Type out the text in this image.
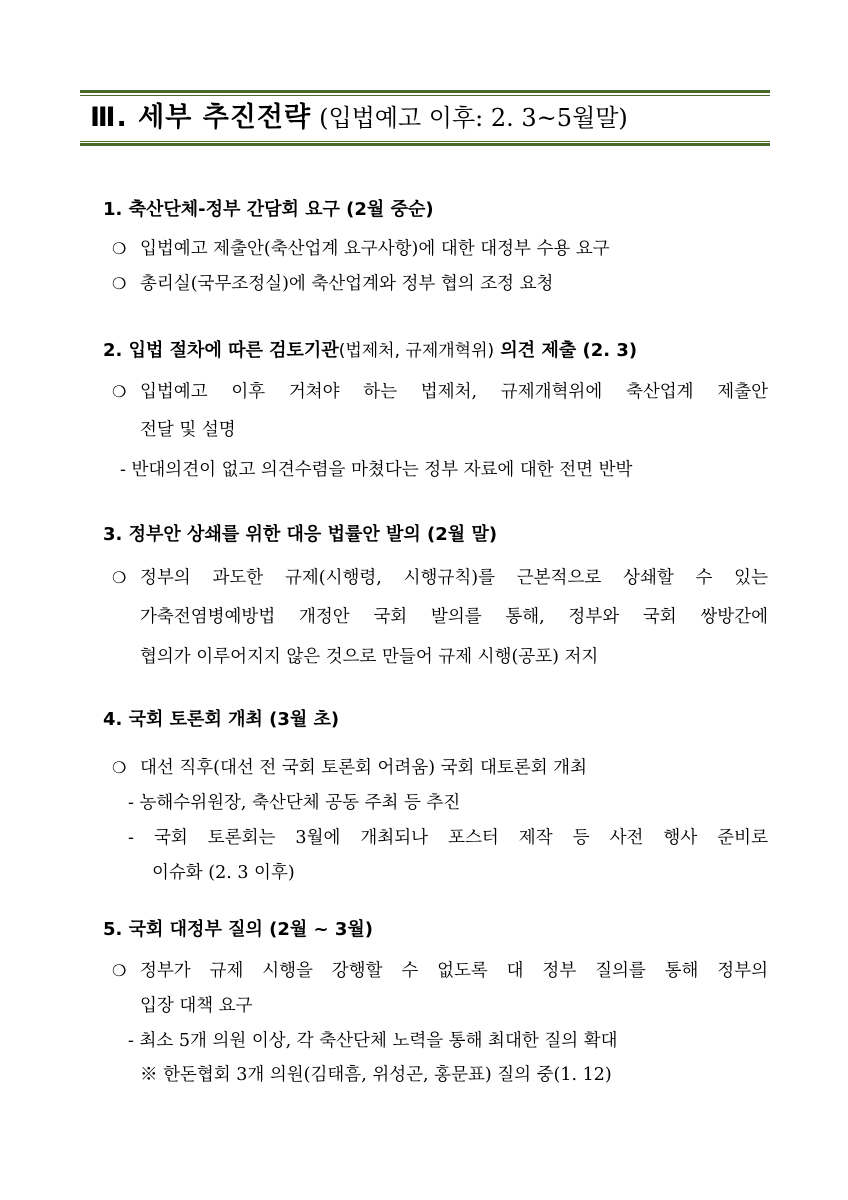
Ⅲ. 세부 추진전략 (입법예고 이후: 2. 3~5월말)
1. 축산단체-정부 간담회 요구 (2월 중순)
❍ 입법예고 제출안(축산업계 요구사항)에 대한 대정부 수용 요구
❍ 총리실(국무조정실)에 축산업계와 정부 협의 조정 요청
2. 입법 절차에 따른 검토기관(법제처, 규제개혁위) 의견 제출 (2. 3)
❍ 입법예고 이후 거쳐야 하는 법제처, 규제개혁위에 축산업계 제출안
전달 및 설명
- 반대의견이 없고 의견수렴을 마쳤다는 정부 자료에 대한 전면 반박
3. 정부안 상쇄를 위한 대응 법률안 발의 (2월 말)
❍ 정부의 과도한 규제(시행령, 시행규칙)를 근본적으로 상쇄할 수 있는
가축전염병예방법 개정안 국회 발의를 통해, 정부와 국회 쌍방간에
협의가 이루어지지 않은 것으로 만들어 규제 시행(공포) 저지
4. 국회 토론회 개최 (3월 초)
❍ 대선 직후(대선 전 국회 토론회 어려움) 국회 대토론회 개최
- 농해수위원장, 축산단체 공동 주최 등 추진
- 국회 토론회는 3월에 개최되나 포스터 제작 등 사전 행사 준비로
이슈화 (2. 3 이후)
5. 국회 대정부 질의 (2월 ~ 3월)
❍ 정부가 규제 시행을 강행할 수 없도록 대 정부 질의를 통해 정부의
입장 대책 요구
- 최소 5개 의원 이상, 각 축산단체 노력을 통해 최대한 질의 확대
※ 한돈협회 3개 의원(김태흠, 위성곤, 홍문표) 질의 중(1. 12)
